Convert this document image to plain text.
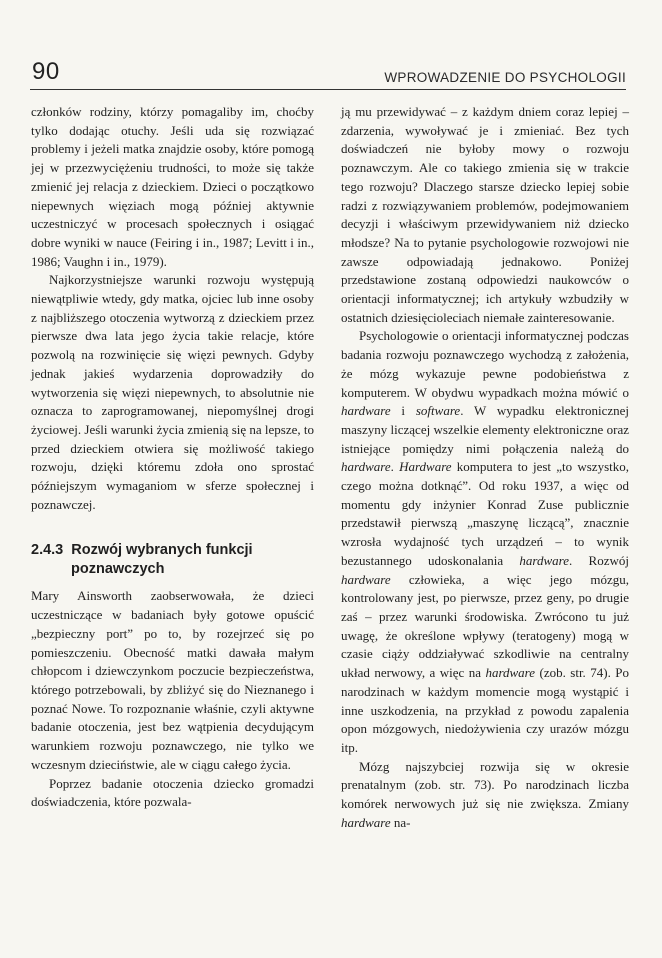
90	WPROWADZENIE DO PSYCHOLOGII

członków rodziny, którzy pomagaliby im, choćby tylko dodając otuchy. Jeśli uda się rozwiązać problemy i jeżeli matka znajdzie osoby, które pomogą jej w przezwyciężeniu trudności, to może się także zmienić jej relacja z dzieckiem. Dzieci o początkowo niepewnych więziach mogą później aktywnie uczestniczyć w procesach społecznych i osiągać dobre wyniki w nauce (Feiring i in., 1987; Levitt i in., 1986; Vaughn i in., 1979).

Najkorzystniejsze warunki rozwoju występują niewątpliwie wtedy, gdy matka, ojciec lub inne osoby z najbliższego otoczenia wytworzą z dzieckiem przez pierwsze dwa lata jego życia takie relacje, które pozwolą na rozwinięcie się więzi pewnych. Gdyby jednak jakieś wydarzenia doprowadziły do wytworzenia się więzi niepewnych, to absolutnie nie oznacza to zaprogramowanej, niepomyślnej drogi życiowej. Jeśli warunki życia zmienią się na lepsze, to przed dzieckiem otwiera się możliwość takiego rozwoju, dzięki któremu zdoła ono sprostać późniejszym wymaganiom w sferze społecznej i poznawczej.

2.4.3 Rozwój wybranych funkcji
poznawczych

Mary Ainsworth zaobserwowała, że dzieci uczestniczące w badaniach były gotowe opuścić „bezpieczny port” po to, by rozejrzeć się po pomieszczeniu. Obecność matki dawała małym chłopcom i dziewczynkom poczucie bezpieczeństwa, którego potrzebowali, by zbliżyć się do Nieznanego i poznać Nowe. To rozpoznanie właśnie, czyli aktywne badanie otoczenia, jest bez wątpienia decydującym warunkiem rozwoju poznawczego, nie tylko we wczesnym dzieciństwie, ale w ciągu całego życia.

Poprzez badanie otoczenia dziecko gromadzi doświadczenia, które pozwala-

ją mu przewidywać – z każdym dniem coraz lepiej – zdarzenia, wywoływać je i zmieniać. Bez tych doświadczeń nie byłoby mowy o rozwoju poznawczym. Ale co takiego zmienia się w trakcie tego rozwoju? Dlaczego starsze dziecko lepiej sobie radzi z rozwiązywaniem problemów, podejmowaniem decyzji i właściwym przewidywaniem niż dziecko młodsze? Na to pytanie psychologowie rozwojowi nie zawsze odpowiadają jednakowo. Poniżej przedstawione zostaną odpowiedzi naukowców o orientacji informatycznej; ich artykuły wzbudziły w ostatnich dziesięcioleciach niemałe zainteresowanie.

Psychologowie o orientacji informatycznej podczas badania rozwoju poznawczego wychodzą z założenia, że mózg wykazuje pewne podobieństwa z komputerem. W obydwu wypadkach można mówić o hardware i software. W wypadku elektronicznej maszyny liczącej wszelkie elementy elektroniczne oraz istniejące pomiędzy nimi połączenia należą do hardware. Hardware komputera to jest „to wszystko, czego można dotknąć”. Od roku 1937, a więc od momentu gdy inżynier Konrad Zuse publicznie przedstawił pierwszą „maszynę liczącą”, znacznie wzrosła wydajność tych urządzeń – to wynik bezustannego udoskonalania hardware. Rozwój hardware człowieka, a więc jego mózgu, kontrolowany jest, po pierwsze, przez geny, po drugie zaś – przez warunki środowiska. Zwrócono tu już uwagę, że określone wpływy (teratogeny) mogą w czasie ciąży oddziaływać szkodliwie na centralny układ nerwowy, a więc na hardware (zob. str. 74). Po narodzinach w każdym momencie mogą wystąpić i inne uszkodzenia, na przykład z powodu zapalenia opon mózgowych, niedożywienia czy urazów mózgu itp.

Mózg najszybciej rozwija się w okresie prenatalnym (zob. str. 73). Po narodzinach liczba komórek nerwowych już się nie zwiększa. Zmiany hardware na-
